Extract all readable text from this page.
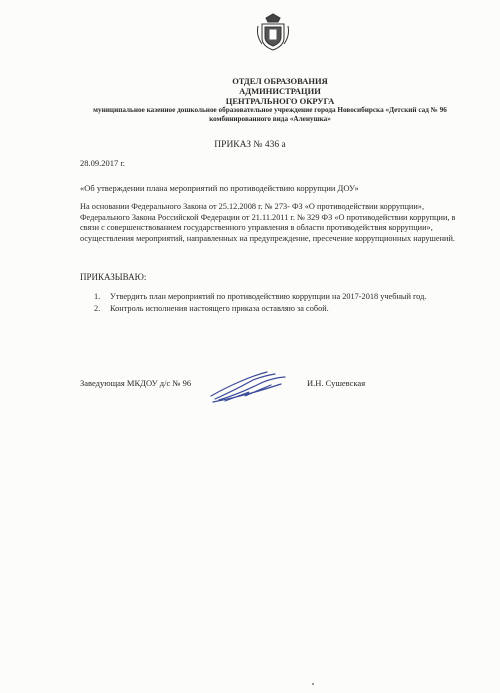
ОТДЕЛ ОБРАЗОВАНИЯ
АДМИНИСТРАЦИИ
ЦЕНТРАЛЬНОГО ОКРУГА
муниципальное казенное дошкольное образовательное учреждение города Новосибирска «Детский сад № 96 комбинированного вида «Аленушка»
ПРИКАЗ № 436 а
28.09.2017 г.
«Об утверждении плана мероприятий по противодействию коррупции ДОУ»
На основании Федерального Закона от 25.12.2008 г. № 273- ФЗ «О противодействии коррупции», Федерального Закона Российской Федерации от 21.11.2011 г. № 329 ФЗ «О противодействии коррупции, в связи с совершенствованием государственного управления в области противодействия коррупции», осуществления мероприятий, направленных на предупреждение, пресечение коррупционных нарушений.
ПРИКАЗЫВАЮ:
1. Утвердить план мероприятий по противодействию коррупции на 2017-2018 учебный год.
2. Контроль исполнения настоящего приказа оставляю за собой.
Заведующая МКДОУ д/с № 96	И.Н. Сушевская
